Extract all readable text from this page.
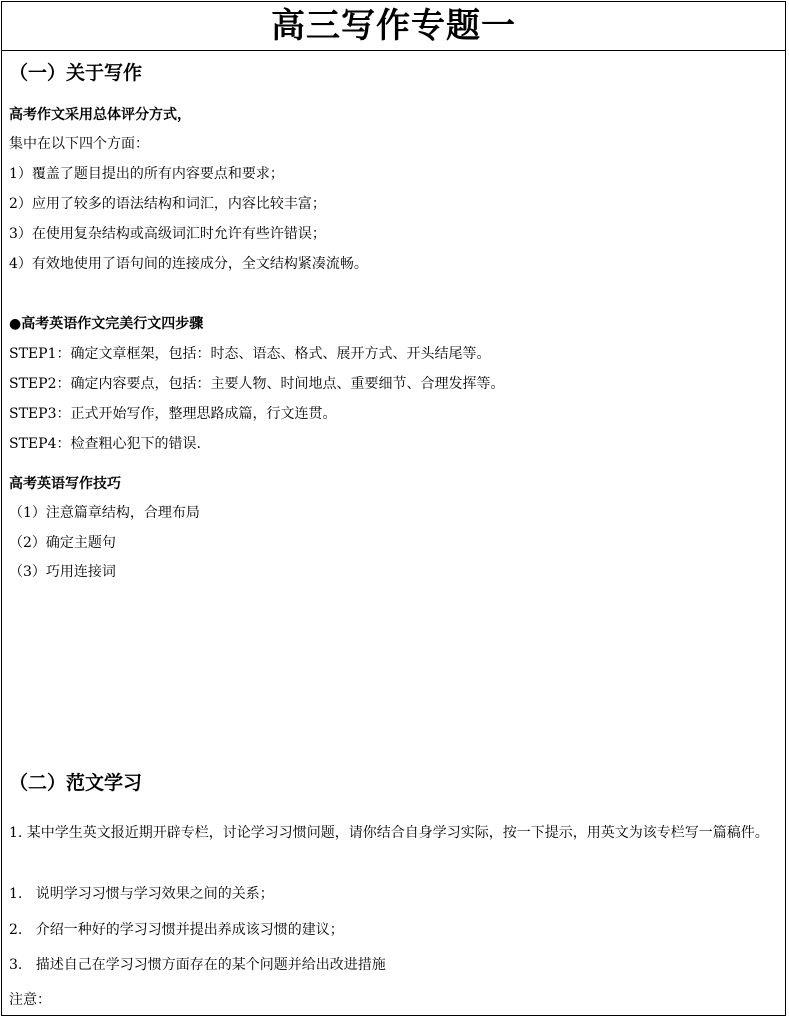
高三写作专题一
（一）关于写作
高考作文采用总体评分方式，
集中在以下四个方面：
1）覆盖了题目提出的所有内容要点和要求；
2）应用了较多的语法结构和词汇，内容比较丰富；
3）在使用复杂结构或高级词汇时允许有些许错误；
4）有效地使用了语句间的连接成分，全文结构紧凑流畅。
●高考英语作文完美行文四步骤
STEP1：确定文章框架，包括：时态、语态、格式、展开方式、开头结尾等。
STEP2：确定内容要点，包括：主要人物、时间地点、重要细节、合理发挥等。
STEP3：正式开始写作，整理思路成篇，行文连贯。
STEP4：检查粗心犯下的错误.
高考英语写作技巧
（1）注意篇章结构，合理布局
（2）确定主题句
（3）巧用连接词
（二）范文学习
1. 某中学生英文报近期开辟专栏，讨论学习习惯问题，请你结合自身学习实际，按一下提示，用英文为该专栏写一篇稿件。
1.   说明学习习惯与学习效果之间的关系；
2.   介绍一种好的学习习惯并提出养成该习惯的建议；
3.   描述自己在学习习惯方面存在的某个问题并给出改进措施
注意：
